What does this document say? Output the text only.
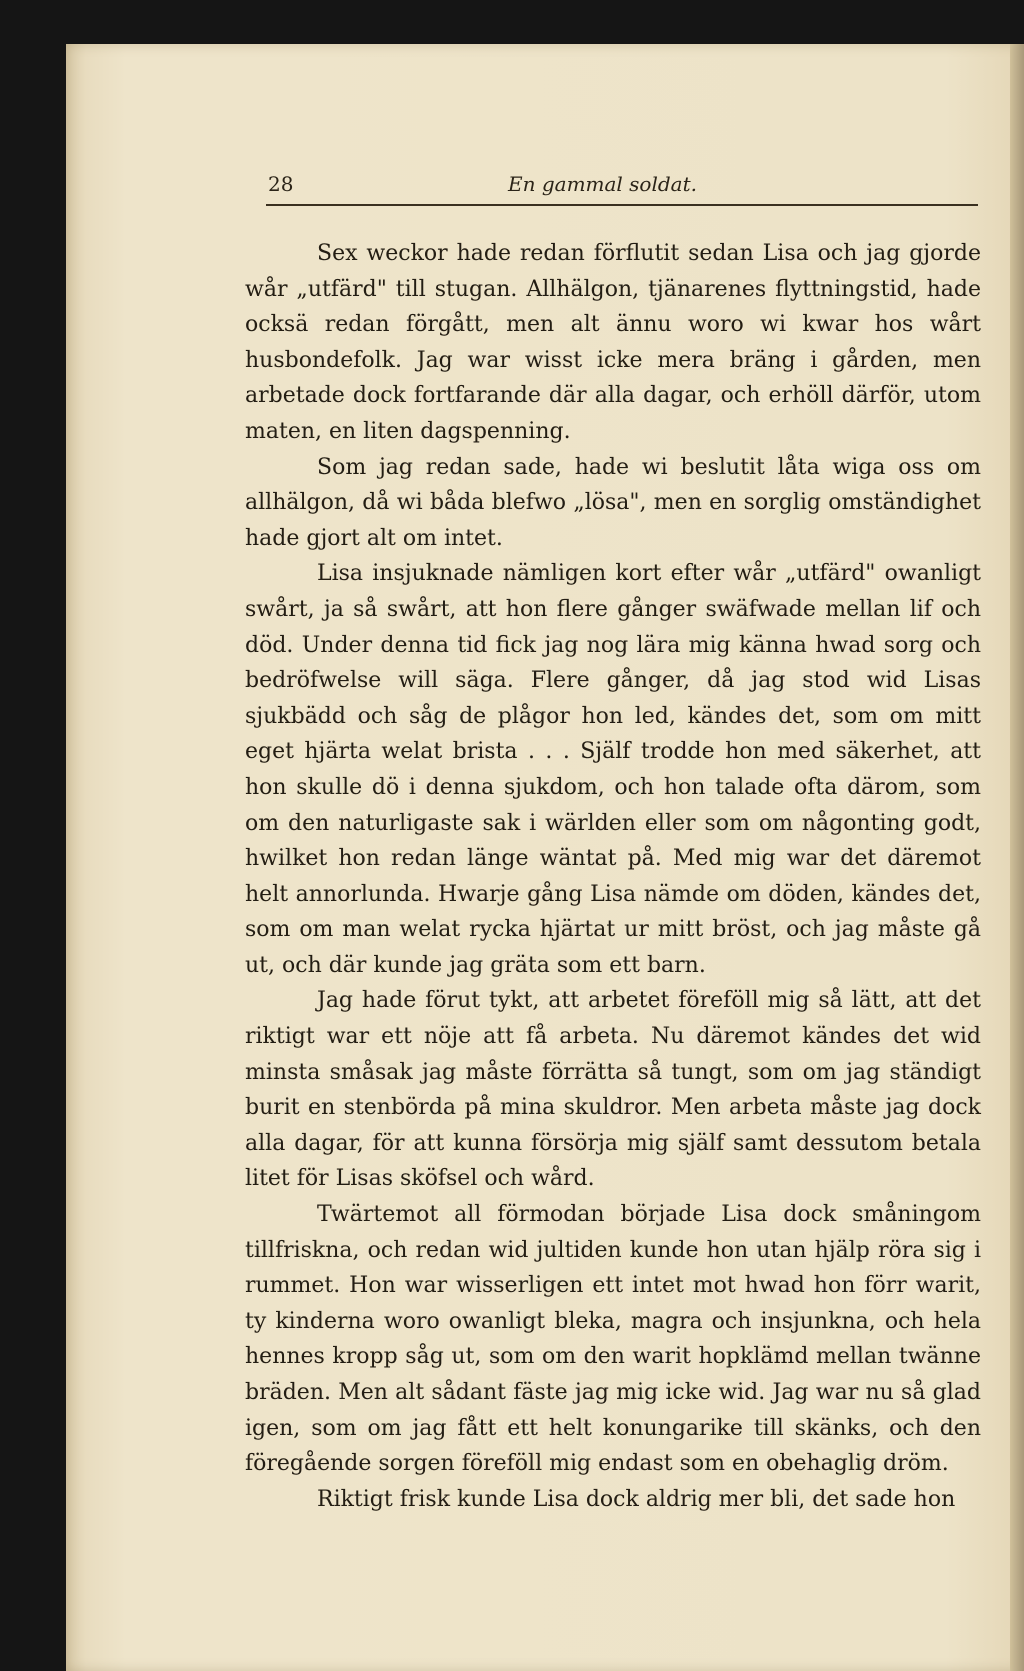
28	En gammal soldat.

Sex weckor hade redan förflutit sedan Lisa och jag gjorde wår „utfärd" till stugan. Allhälgon, tjänarenes flyttningstid, hade ocksä redan förgått, men alt ännu woro wi kwar hos wårt husbondefolk. Jag war wisst icke mera bräng i gården, men arbetade dock fortfarande där alla dagar, och erhöll därför, utom maten, en liten dagspenning.

Som jag redan sade, hade wi beslutit låta wiga oss om allhälgon, då wi båda blefwo „lösa", men en sorglig omständighet hade gjort alt om intet.

Lisa insjuknade nämligen kort efter wår „utfärd" owanligt swårt, ja så swårt, att hon flere gånger swäfwade mellan lif och död. Under denna tid fick jag nog lära mig känna hwad sorg och bedröfwelse will säga. Flere gånger, då jag stod wid Lisas sjukbädd och såg de plågor hon led, kändes det, som om mitt eget hjärta welat brista . . . Själf trodde hon med säkerhet, att hon skulle dö i denna sjukdom, och hon talade ofta därom, som om den naturligaste sak i wärlden eller som om någonting godt, hwilket hon redan länge wäntat på. Med mig war det däremot helt annorlunda. Hwarje gång Lisa nämde om döden, kändes det, som om man welat rycka hjärtat ur mitt bröst, och jag måste gå ut, och där kunde jag gräta som ett barn.

Jag hade förut tykt, att arbetet föreföll mig så lätt, att det riktigt war ett nöje att få arbeta. Nu däremot kändes det wid minsta småsak jag måste förrätta så tungt, som om jag ständigt burit en stenbörda på mina skuldror. Men arbeta måste jag dock alla dagar, för att kunna försörja mig själf samt dessutom betala litet för Lisas sköfsel och wård.

Twärtemot all förmodan började Lisa dock småningom tillfriskna, och redan wid jultiden kunde hon utan hjälp röra sig i rummet. Hon war wisserligen ett intet mot hwad hon förr warit, ty kinderna woro owanligt bleka, magra och insjunkna, och hela hennes kropp såg ut, som om den warit hopklämd mellan twänne bräden. Men alt sådant fäste jag mig icke wid. Jag war nu så glad igen, som om jag fått ett helt konungarike till skänks, och den föregående sorgen föreföll mig endast som en obehaglig dröm.

Riktigt frisk kunde Lisa dock aldrig mer bli, det sade hon
